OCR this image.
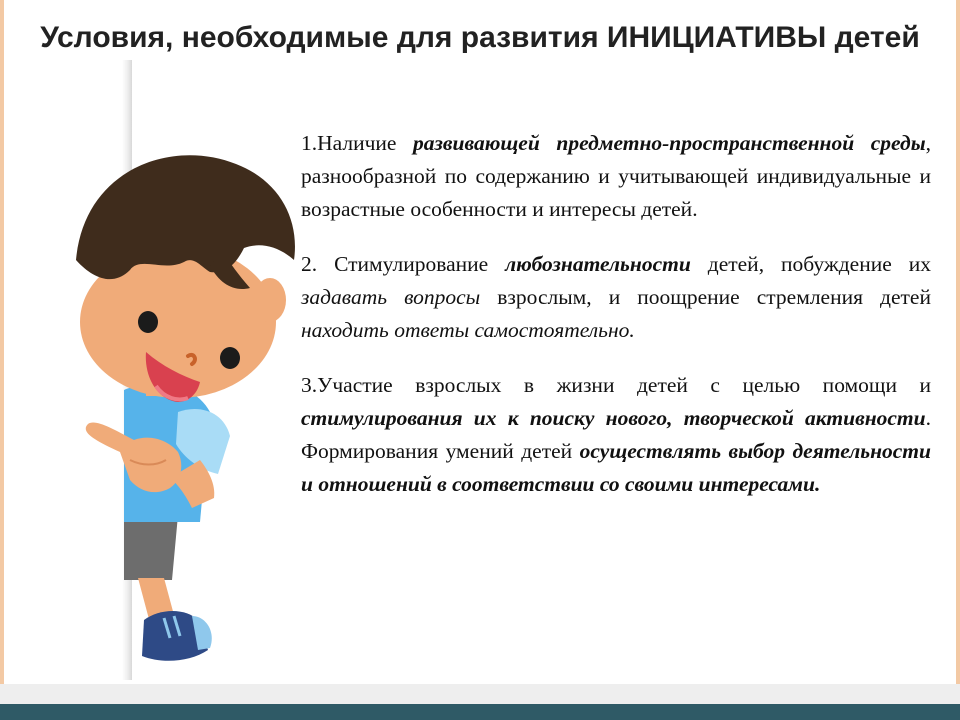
Условия, необходимые для развития ИНИЦИАТИВЫ детей

1.Наличие развивающей предметно-пространственной среды, разнообразной по содержанию и учитывающей индивидуальные и возрастные особенности и интересы детей.

2. Стимулирование любознательности детей, побуждение их задавать вопросы взрослым, и поощрение стремления детей находить ответы самостоятельно.

3.Участие взрослых в жизни детей с целью помощи и стимулирования их к поиску нового, творческой активности. Формирования умений детей осуществлять выбор деятельности и отношений в соответствии со своими интересами.
